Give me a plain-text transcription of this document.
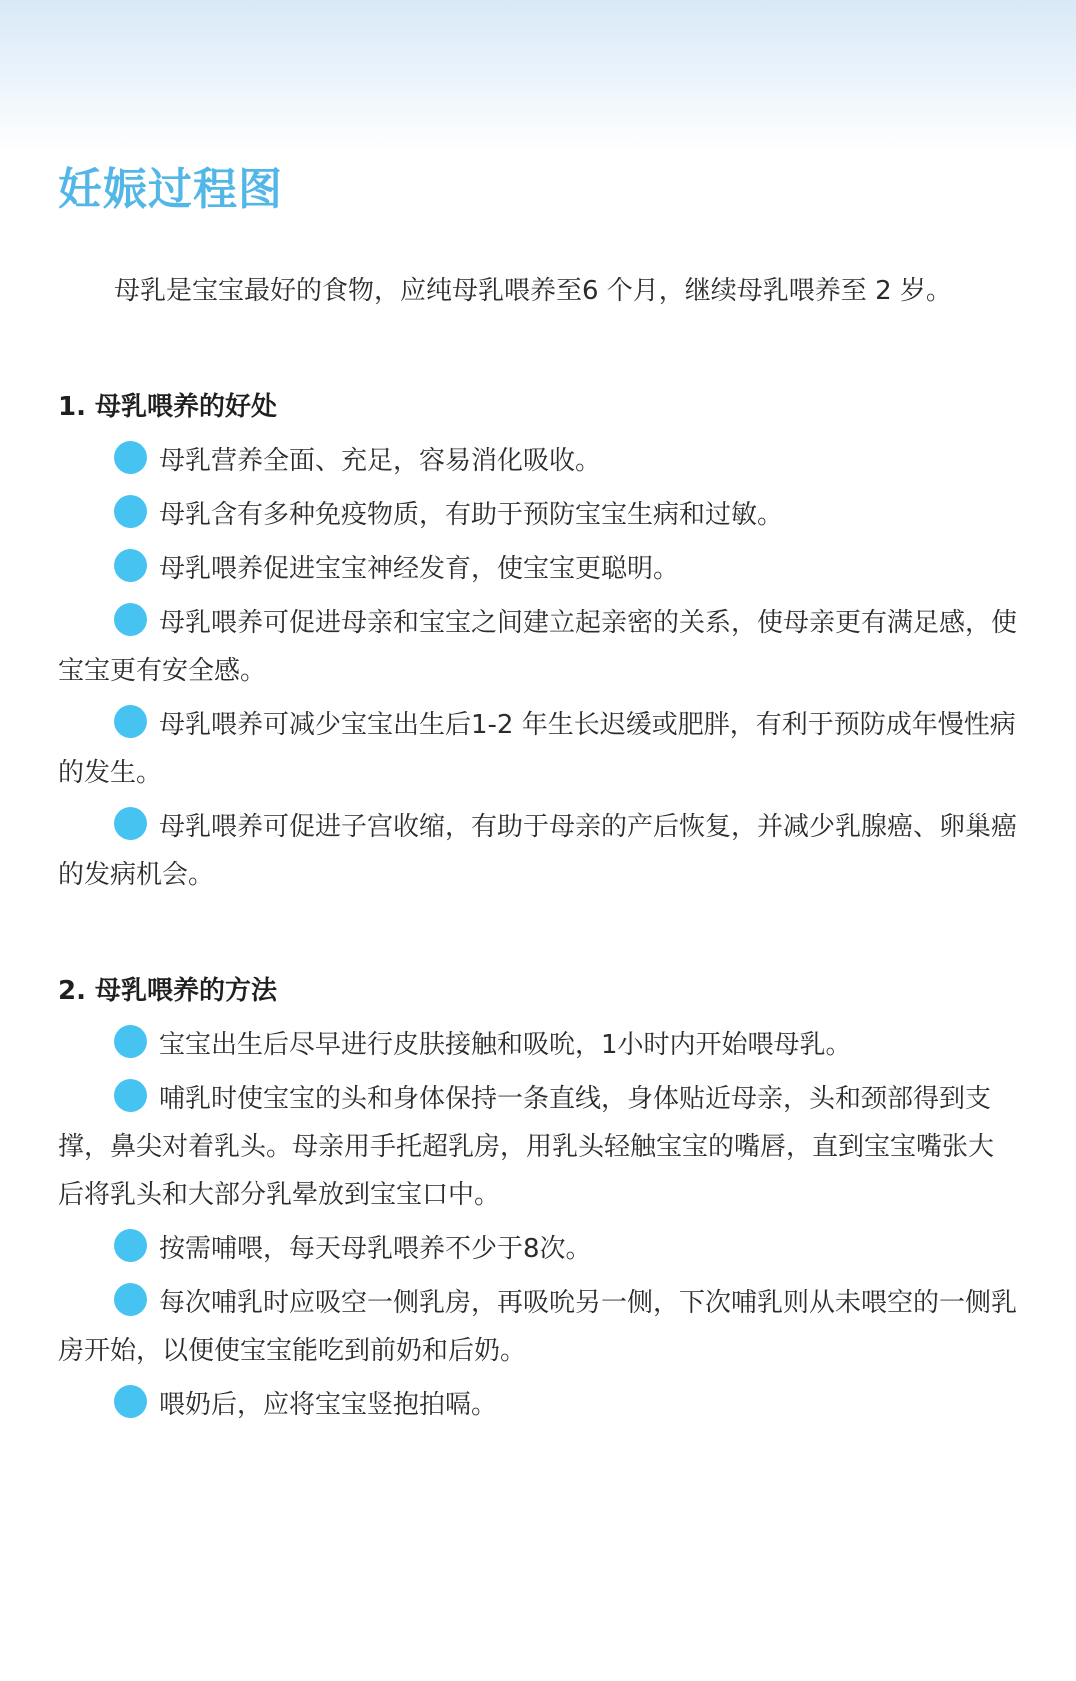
妊娠过程图

母乳是宝宝最好的食物，应纯母乳喂养至6 个月，继续母乳喂养至 2 岁。

1. 母乳喂养的好处

母乳营养全面、充足，容易消化吸收。

母乳含有多种免疫物质，有助于预防宝宝生病和过敏。

母乳喂养促进宝宝神经发育，使宝宝更聪明。

母乳喂养可促进母亲和宝宝之间建立起亲密的关系，使母亲更有满足感，使宝宝更有安全感。

母乳喂养可减少宝宝出生后1-2 年生长迟缓或肥胖，有利于预防成年慢性病的发生。

母乳喂养可促进子宫收缩，有助于母亲的产后恢复，并减少乳腺癌、卵巢癌的发病机会。

2. 母乳喂养的方法

宝宝出生后尽早进行皮肤接触和吸吮，1小时内开始喂母乳。

哺乳时使宝宝的头和身体保持一条直线，身体贴近母亲，头和颈部得到支撑，鼻尖对着乳头。母亲用手托超乳房，用乳头轻触宝宝的嘴唇，直到宝宝嘴张大后将乳头和大部分乳晕放到宝宝口中。

按需哺喂，每天母乳喂养不少于8次。

每次哺乳时应吸空一侧乳房，再吸吮另一侧，下次哺乳则从未喂空的一侧乳房开始，以便使宝宝能吃到前奶和后奶。

喂奶后，应将宝宝竖抱拍嗝。
